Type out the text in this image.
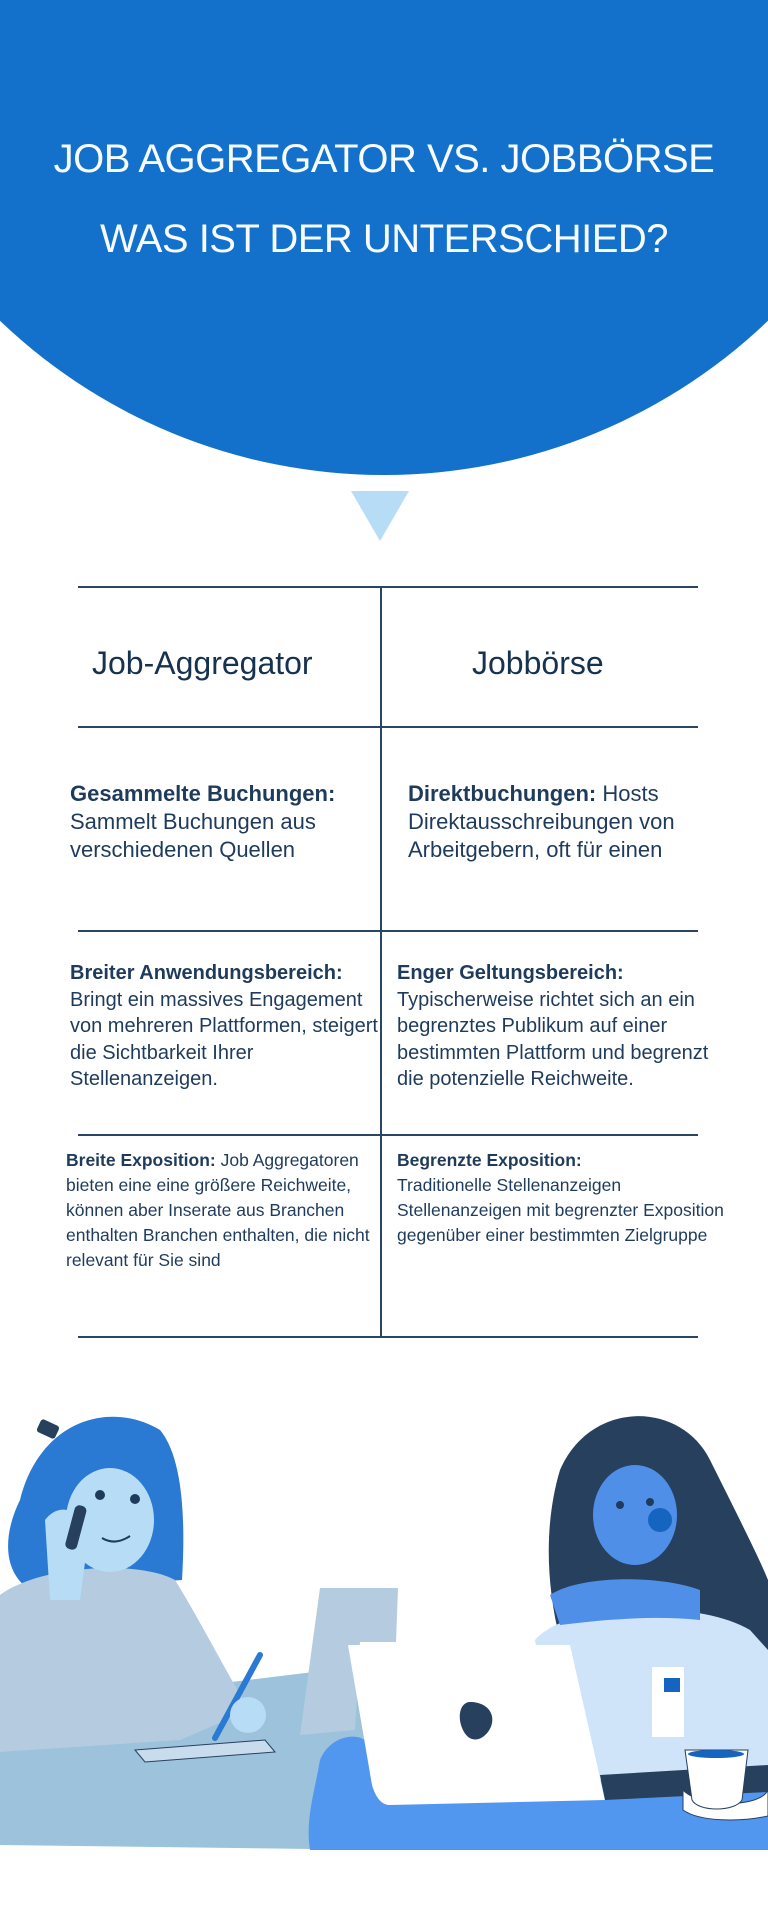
JOB AGGREGATOR VS. JOBBÖRSE
WAS IST DER UNTERSCHIED?
Job-Aggregator	Jobbörse
Gesammelte Buchungen:
Sammelt Buchungen aus verschiedenen Quellen
Direktbuchungen: Hosts Direktausschreibungen von Arbeitgebern, oft für einen
Breiter Anwendungsbereich:
Bringt ein massives Engagement von mehreren Plattformen, steigert die Sichtbarkeit Ihrer Stellenanzeigen.
Enger Geltungsbereich:
Typischerweise richtet sich an ein begrenztes Publikum auf einer bestimmten Plattform und begrenzt die potenzielle Reichweite.
Breite Exposition: Job Aggregatoren bieten eine eine größere Reichweite, können aber Inserate aus Branchen enthalten Branchen enthalten, die nicht relevant für Sie sind
Begrenzte Exposition:
Traditionelle Stellenanzeigen Stellenanzeigen mit begrenzter Exposition gegenüber einer bestimmten Zielgruppe
